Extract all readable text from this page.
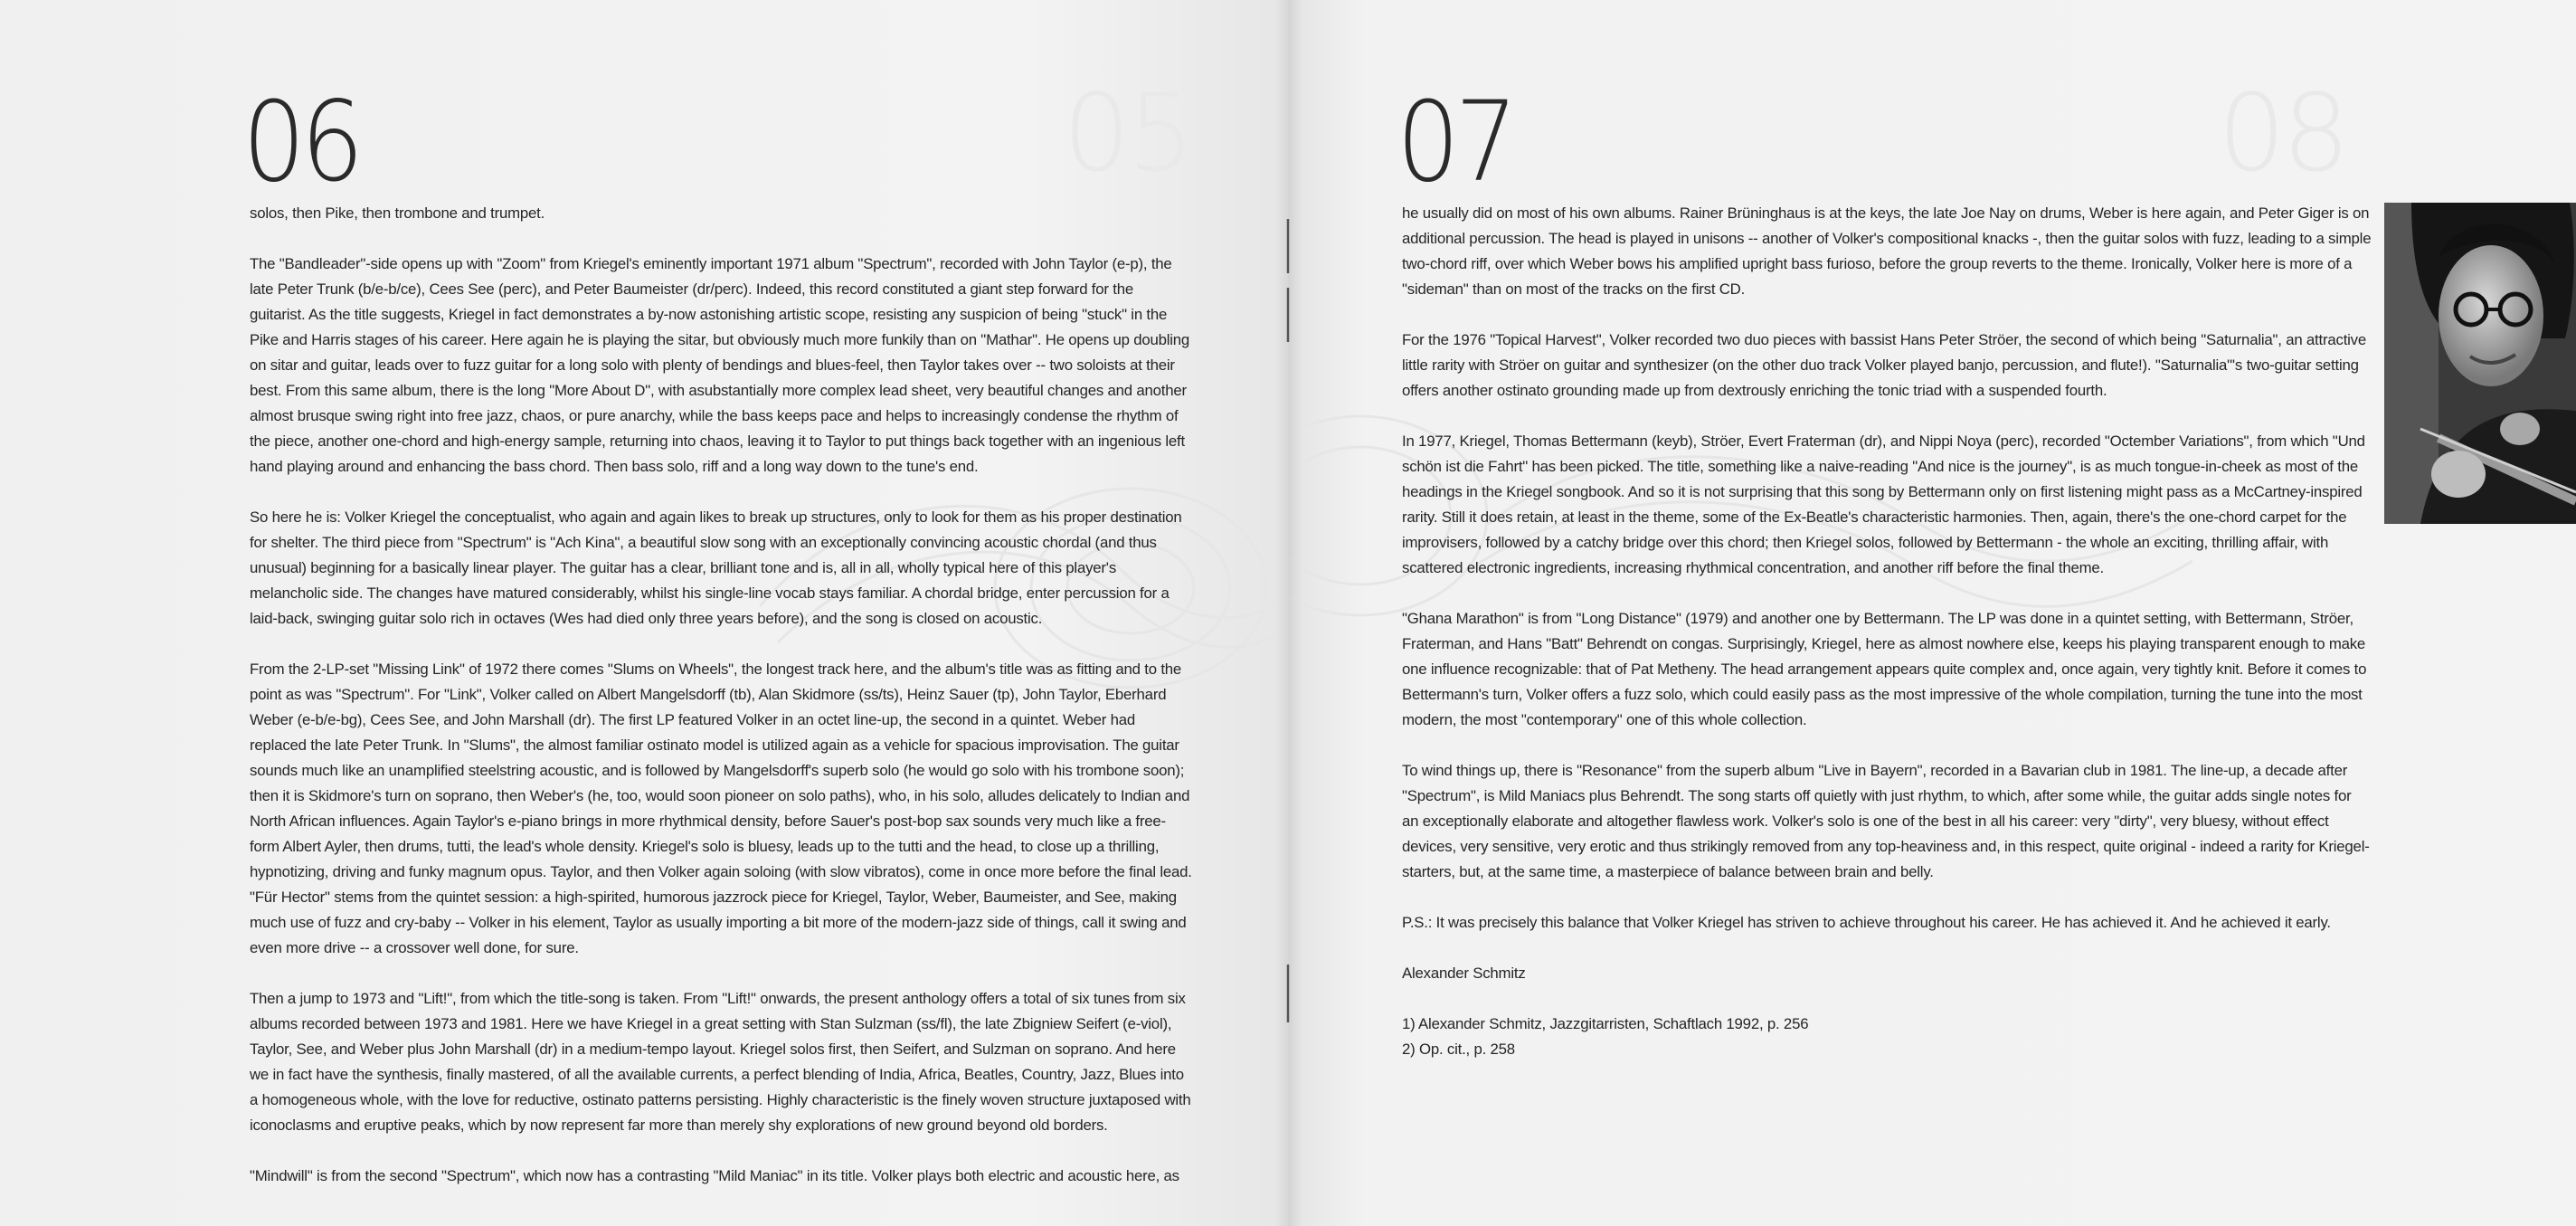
05
06

solos, then Pike, then trombone and trumpet.

The "Bandleader"-side opens up with "Zoom" from Kriegel's eminently important 1971 album "Spectrum", recorded with John Taylor (e-p), the late Peter Trunk (b/e-b/ce), Cees See (perc), and Peter Baumeister (dr/perc). Indeed, this record constituted a giant step forward for the guitarist. As the title suggests, Kriegel in fact demonstrates a by-now astonishing artistic scope, resisting any suspicion of being "stuck" in the Pike and Harris stages of his career. Here again he is playing the sitar, but obviously much more funkily than on "Mathar". He opens up doubling on sitar and guitar, leads over to fuzz guitar for a long solo with plenty of bendings and blues-feel, then Taylor takes over -- two soloists at their best. From this same album, there is the long "More About D", with asubstantially more complex lead sheet, very beautiful changes and another almost brusque swing right into free jazz, chaos, or pure anarchy, while the bass keeps pace and helps to increasingly condense the rhythm of the piece, another one-chord and high-energy sample, returning into chaos, leaving it to Taylor to put things back together with an ingenious left hand playing around and enhancing the bass chord. Then bass solo, riff and a long way down to the tune's end.

So here he is: Volker Kriegel the conceptualist, who again and again likes to break up structures, only to look for them as his proper destination for shelter. The third piece from "Spectrum" is "Ach Kina", a beautiful slow song with an exceptionally convincing acoustic chordal (and thus unusual) beginning for a basically linear player. The guitar has a clear, brilliant tone and is, all in all, wholly typical here of this player's melancholic side. The changes have matured considerably, whilst his single-line vocab stays familiar. A chordal bridge, enter percussion for a laid-back, swinging guitar solo rich in octaves (Wes had died only three years before), and the song is closed on acoustic.

From the 2-LP-set "Missing Link" of 1972 there comes "Slums on Wheels", the longest track here, and the album's title was as fitting and to the point as was "Spectrum". For "Link", Volker called on Albert Mangelsdorff (tb), Alan Skidmore (ss/ts), Heinz Sauer (tp), John Taylor, Eberhard Weber (e-b/e-bg), Cees See, and John Marshall (dr). The first LP featured Volker in an octet line-up, the second in a quintet. Weber had replaced the late Peter Trunk. In "Slums", the almost familiar ostinato model is utilized again as a vehicle for spacious improvisation. The guitar sounds much like an unamplified steelstring acoustic, and is followed by Mangelsdorff's superb solo (he would go solo with his trombone soon); then it is Skidmore's turn on soprano, then Weber's (he, too, would soon pioneer on solo paths), who, in his solo, alludes delicately to Indian and North African influences. Again Taylor's e-piano brings in more rhythmical density, before Sauer's post-bop sax sounds very much like a free-form Albert Ayler, then drums, tutti, the lead's whole density. Kriegel's solo is bluesy, leads up to the tutti and the head, to close up a thrilling, hypnotizing, driving and funky magnum opus. Taylor, and then Volker again soloing (with slow vibratos), come in once more before the final lead. "Für Hector" stems from the quintet session: a high-spirited, humorous jazzrock piece for Kriegel, Taylor, Weber, Baumeister, and See, making much use of fuzz and cry-baby -- Volker in his element, Taylor as usually importing a bit more of the modern-jazz side of things, call it swing and even more drive -- a crossover well done, for sure.

Then a jump to 1973 and "Lift!", from which the title-song is taken. From "Lift!" onwards, the present anthology offers a total of six tunes from six albums recorded between 1973 and 1981. Here we have Kriegel in a great setting with Stan Sulzman (ss/fl), the late Zbigniew Seifert (e-viol), Taylor, See, and Weber plus John Marshall (dr) in a medium-tempo layout. Kriegel solos first, then Seifert, and Sulzman on soprano. And here we in fact have the synthesis, finally mastered, of all the available currents, a perfect blending of India, Africa, Beatles, Country, Jazz, Blues into a homogeneous whole, with the love for reductive, ostinato patterns persisting. Highly characteristic is the finely woven structure juxtaposed with iconoclasms and eruptive peaks, which by now represent far more than merely shy explorations of new ground beyond old borders.

"Mindwill" is from the second "Spectrum", which now has a contrasting "Mild Maniac" in its title. Volker plays both electric and acoustic here, as

08
07

he usually did on most of his own albums. Rainer Brüninghaus is at the keys, the late Joe Nay on drums, Weber is here again, and Peter Giger is on additional percussion. The head is played in unisons -- another of Volker's compositional knacks -, then the guitar solos with fuzz, leading to a simple two-chord riff, over which Weber bows his amplified upright bass furioso, before the group reverts to the theme. Ironically, Volker here is more of a "sideman" than on most of the tracks on the first CD.

For the 1976 "Topical Harvest", Volker recorded two duo pieces with bassist Hans Peter Ströer, the second of which being "Saturnalia", an attractive little rarity with Ströer on guitar and synthesizer (on the other duo track Volker played banjo, percussion, and flute!). "Saturnalia"'s two-guitar setting offers another ostinato grounding made up from dextrously enriching the tonic triad with a suspended fourth.

In 1977, Kriegel, Thomas Bettermann (keyb), Ströer, Evert Fraterman (dr), and Nippi Noya (perc), recorded "Octember Variations", from which "Und schön ist die Fahrt" has been picked. The title, something like a naive-reading "And nice is the journey", is as much tongue-in-cheek as most of the headings in the Kriegel songbook. And so it is not surprising that this song by Bettermann only on first listening might pass as a McCartney-inspired rarity. Still it does retain, at least in the theme, some of the Ex-Beatle's characteristic harmonies. Then, again, there's the one-chord carpet for the improvisers, followed by a catchy bridge over this chord; then Kriegel solos, followed by Bettermann - the whole an exciting, thrilling affair, with scattered electronic ingredients, increasing rhythmical concentration, and another riff before the final theme.

"Ghana Marathon" is from "Long Distance" (1979) and another one by Bettermann. The LP was done in a quintet setting, with Bettermann, Ströer, Fraterman, and Hans "Batt" Behrendt on congas. Surprisingly, Kriegel, here as almost nowhere else, keeps his playing transparent enough to make one influence recognizable: that of Pat Metheny. The head arrangement appears quite complex and, once again, very tightly knit. Before it comes to Bettermann's turn, Volker offers a fuzz solo, which could easily pass as the most impressive of the whole compilation, turning the tune into the most modern, the most "contemporary" one of this whole collection.

To wind things up, there is "Resonance" from the superb album "Live in Bayern", recorded in a Bavarian club in 1981. The line-up, a decade after "Spectrum", is Mild Maniacs plus Behrendt. The song starts off quietly with just rhythm, to which, after some while, the guitar adds single notes for an exceptionally elaborate and altogether flawless work. Volker's solo is one of the best in all his career: very "dirty", very bluesy, without effect devices, very sensitive, very erotic and thus strikingly removed from any top-heaviness and, in this respect, quite original - indeed a rarity for Kriegel-starters, but, at the same time, a masterpiece of balance between brain and belly.

P.S.: It was precisely this balance that Volker Kriegel has striven to achieve throughout his career. He has achieved it. And he achieved it early.

Alexander Schmitz

1) Alexander Schmitz, Jazzgitarristen, Schaftlach 1992, p. 256

2) Op. cit., p. 258
